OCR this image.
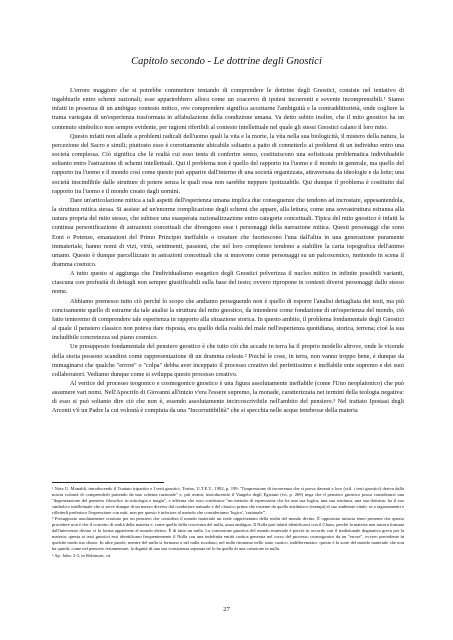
Capitolo secondo - Le dottrine degli Gnostici

L'errore maggiore che si potrebbe commettere tentando di comprendere le dottrine degli Gnostici, consiste nel tentativo di ingabbiarle entro schemi razionali; esse apparirebbero allora come un coacervo di ipotesi incoerenti e sovente incomprensibili.¹ Siamo infatti in presenza di un ambiguo contesto mitico, ove comprendere significa accettarne l'ambiguità e la contraddittorietà, onde cogliere la trama variegata di un'esperienza trasformata in affabulazione della condizione umana. Va detto subito inoltre, che il mito gnostico ha un contenuto simbolico non sempre evidente, per ragioni riferibili al contesto intellettuale nel quale gli stessi Gnostici calano il loro mito.

Questo infatti non allude a problemi radicali dell'uomo quali la vita e la morte, la vita nella sua biologicità, il mistero della natura, la percezione del Sacro e simili; piuttosto esso è correttamente ubicabile soltanto a patto di connetterlo ai problemi di un individuo entro una società complessa. Ciò significa che le realtà cui esso tenta di conferire senso, costituiscono una sofisticata problematica individuabile soltanto entro l'astrazione di schemi intellettuali. Qui il problema non è quello del rapporto tra l'uomo e il mondo in generale, ma quello del rapporto tra l'uomo e il mondo così come questo può apparire dall'interno di una società organizzata, attraversata da ideologie e da lotte; una società inscindibile dalle strutture di potere senza le quali essa non sarebbe neppure ipotizzabile. Qui dunque il problema è costituito dal rapporto tra l'uomo e il mondo creato dagli uomini.

Dare un'articolazione mitica a tali aspetti dell'esperienza umana implica due conseguenze che tendono ad incrostare, appesantendola, la struttura mitica stessa. Si assiste ad un'enorme complicazione degli schemi che appare, alla lettura, come una sovrastruttura estranea alla natura propria del mito stesso, che subisce una esasperata razionalizzazione entro categorie concettuali. Tipica del mito gnostico è infatti la continua personificazione di astrazioni concettuali che divengono esse i personaggi della narrazione mitica. Questi personaggi che sono Eoni o Potenze, emanazioni del Primo Principio ineffabile o creature che fuoriescono l'una dall'altra in una generazione puramente immateriale, hanno nomi di vizi, virtù, sentimenti, passioni, che nel loro complesso tendono a stabilire la carta topografica dell'animo umano. Questo è dunque parcellizzato in astrazioni concettuali che si muovono come personaggi su un palcoscenico, mettendo in scena il dramma cosmico.

A tutto questo si aggiunga che l'individualismo esegetico degli Gnostici polverizza il nucleo mitico in infinite possibili varianti, ciascuna con profusità di dettagli non sempre giustificabili sulla base del testo; ovvero ripropone in contesti diversi personaggi dallo stesso nome.

Abbiamo premesso tutto ciò perché lo scopo che andiamo perseguendo non è quello di esporre l'analisi dettagliata dei testi, ma più concisamente quello di estrarne da tale analisi la struttura del mito gnostico, da intendersi come fondazione di un'esperienza del mondo, ciò fatto tenteremo di comprendere tale esperienza in rapporto alla situazione storica. In questo ambito, il problema fondamentale degli Gnostici al quale il pensiero classico non poteva dare risposta, era quello della realtà del male nell'esperienza quotidiana, storica, terrena; cioè la sua includibile concretezza sul piano cosmico.

Un presupposto fondamentale del pensiero gnostico è che tutto ciò che accade in terra ha il proprio modello altrove, onde le vicende della storia possono scandirsi come rappresentazione di un dramma celeste.² Poiché le cose, in terra, non vanno troppo bene, è dunque da immaginarsi che qualche "errore" o "colpa" debba aver inceppato il processo creativo del perfettissimo e ineffabile ente supremo e dei suoi collaboratori. Vediamo dunque come si sviluppa questo processo creativo.

Al vertice del processo teogonico e cosmogonico gnostico è una figura assolutamente ineffabile (come l'Uno neoplatonico) che può assumere vari nomi. Nell'Apocrifo di Giovanni all'inizio v'era l'essere supremo, la monade, caratterizzata nei termini della teologia negativa: di esso si può soltanto dire ciò che non è, essendo assolutamente incircoscrivibile nell'ambito del pensiero.³ Nel trattato Ipostasi degli Arconti v'è un Padre la cui volontà è compiuta da una "Incorruttibilità" che si specchia nelle acque tenebrose della materia

¹ Nota U. Monaldi, introducendo il Trattato tripartito e I testi gnostici, Torino, U.T.E.T., 1982, p. 199: "l'impressione di incoerenza che si prova davanti a loro (scil. i testi gnostici) deriva dalla nostra volontà di comprenderli partendo da uno schema razionale" e, più avanti, introducendo il Vangelo degli Egiziani (ivi, p. 269) nega che il pensiero gnostico possa considerarsi una "degenerazione del pensiero filosofico in mitologia e magia", e afferma che esso costituisce "un metodo di espressione che ha una sua logica, una sua struttura, una sua dottrina; ha il suo simbolico intellettuale che si serve dunque di un mezzo diverso dal condottore naturale e del classico prima che insieme da quello attribuisce (esempi) al suo ambiente vitale; se a ragionamenti e rifletterli preferisce l'espressione con miti, non per questo è inferiore al metodo che consideriamo 'logico', 'razionale'".

² Presupposto assolutamente scontato per un pensiero che considera il mondo materiale un reale rappresentato della realtà del mondo divino. È opportuno tuttavia tener presente che questo procedere non è che il concetto di realtà della materia e, come quello della coscienza del nulla, assai ambiguo. Il Nulla può infatti identificarsi con il Chaos, perché la materia non ancora formata dall'intervento divino vi fa forma appartiene al mondo divino. È di fatto un nulla. La concezione gnostica del mondo materiale è perciò in accordo con il tradizionale dogmatica greca per la materia; questa ai testi gnostici essi identificano frequentemente il Nulla con una indefinita entità caotica generata nel corso del processo cosmogonico da un "errore", ovvero precedente in qualche modo ma chiaro. In altre parole, mentre del nulla si formano a nel nulla ricadono, nel nulla ritornano nello stato caotico, indifferenziato: questo è la sorte del mondo materiale che non ha quindi, come nel pensiero tertamentare, la dignità di una sua consistenza separata né lo ha quella di una creazione in nulla.

³ Ap. John, 2-3, in Robinson, cit.

27
